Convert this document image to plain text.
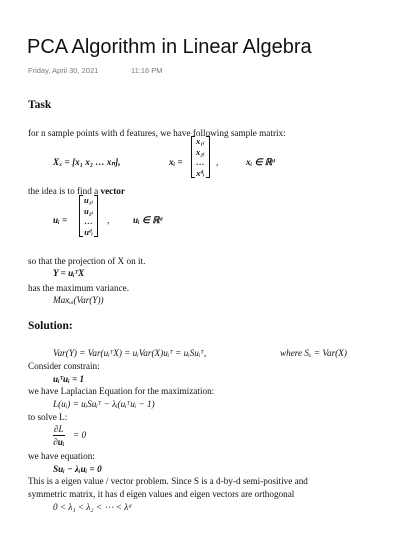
PCA Algorithm in Linear Algebra
Friday, April 30, 2021	11:16 PM
Task
for n sample points with d features, we have following sample matrix:
Xₓ = [x₁ x₂ … xₙ],	xᵢ =
x₁ᵢ
x₂ᵢ
…
xᵈᵢ
,	xᵢ ∈ ℝᵈ
the idea is to find a vector
uᵢ =
u₁ᵢ
u₂ᵢ
…
uᵈᵢ
,	uᵢ ∈ ℝᵈ
so that the projection of X on it.
Y = uᵢᵀX
has the maximum variance.
Maxᵤᵢ(Var(Y))
Solution:
Var(Y) = Var(uᵢᵀX) = uᵢVar(X)uᵢᵀ = uᵢSuᵢᵀ,	where Sₓ = Var(X)
Consider constrain:
uᵢᵀuᵢ = 1
we have Laplacian Equation for the maximization:
L(uᵢ) = uᵢSuᵢᵀ − λᵢ(uᵢᵀuᵢ − 1)
to solve L:
$\frac{\partial L}{\text{∂uᵢ}} = 0$
we have equation:
Suᵢ − λᵢuᵢ = 0
This is a eigen value / vector problem. Since S is a d-by-d semi-positive and
symmetric matrix, it has d eigen values and eigen vectors are orthogonal
0 < λ₁ < λ₂ < ⋯ < λᵈ
